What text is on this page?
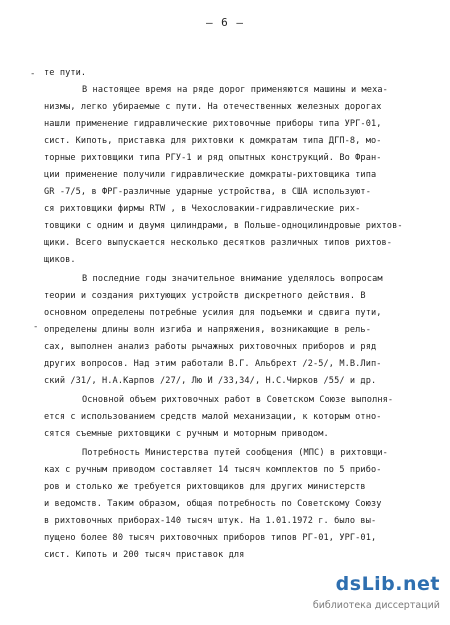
– 6 –
-
-
те пути.
В настоящее время на ряде дорог применяются машины и меха-
низмы, легко убираемые с пути. На отечественных железных дорогах
нашли применение гидравлические рихтовочные приборы типа УРГ-01,
сист. Кипоть, приставка для рихтовки к домкратам типа ДГП-8, мо-
торные рихтовщики типа РГУ-1 и ряд опытных конструкций. Во Фран-
ции применение получили гидравлические домкраты-рихтовщика типа
GR -7/5, в ФРГ-различные ударные устройства, в США используют-
ся рихтовщики фирмы RTW , в Чехословакии-гидравлические рих-
товщики с одним и двумя цилиндрами, в Польше-одноцилиндровые рихтов-
щики. Всего выпускается несколько десятков различных типов рихтов-
щиков.
В последние годы значительное внимание уделялось вопросам
теории и создания рихтующих устройств дискретного действия. В
основном определены потребные усилия для подъемки и сдвига пути,
определены длины волн изгиба и напряжения, возникающие в рель-
сах, выполнен анализ работы рычажных рихтовочных приборов и ряд
других вопросов. Над этим работали В.Г. Альбрехт /2-5/, М.В.Лип-
ский /31/, Н.А.Карпов /27/, Лю И /33,34/, Н.С.Чирков /55/ и др.
Основной объем рихтовочных работ в Советском Союзе выполня-
ется с использованием средств малой механизации, к которым отно-
сятся съемные рихтовщики с ручным и моторным приводом.
Потребность Министерства путей сообщения (МПС) в рихтовщи-
ках с ручным приводом составляет 14 тысяч комплектов по 5 прибо-
ров и столько же требуется рихтовщиков для других министерств
и ведомств. Таким образом, общая потребность по Советскому Союзу
в рихтовочных приборах-140 тысяч штук. На 1.01.1972 г. было вы-
пущено более 80 тысяч рихтовочных приборов типов РГ-01, УРГ-01,
сист. Кипоть и 200 тысяч приставок для
dsLib.net
библиотека диссертаций
